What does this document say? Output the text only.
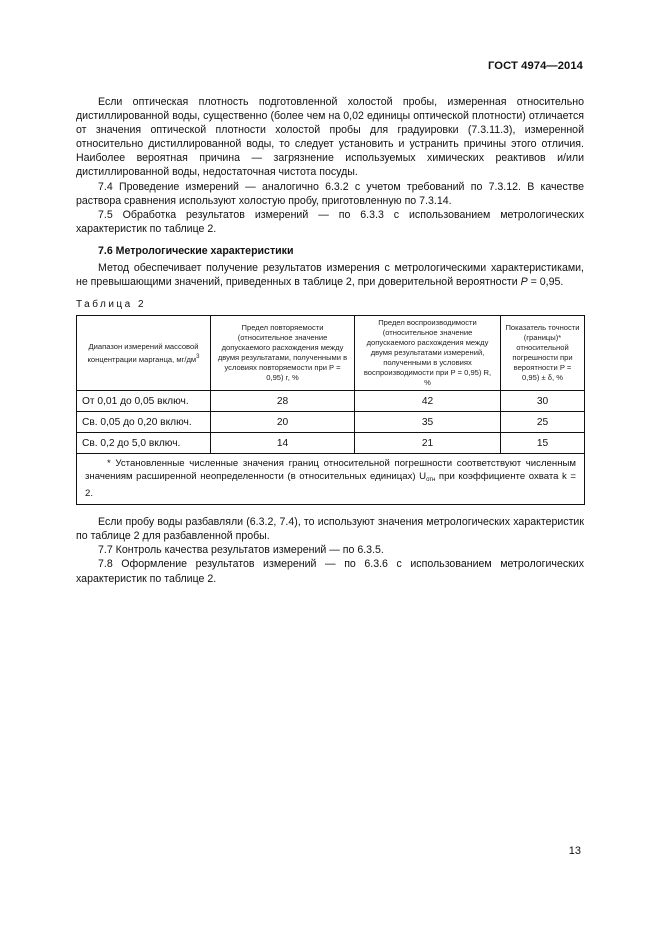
ГОСТ 4974—2014

Если оптическая плотность подготовленной холостой пробы, измеренная относительно дистиллированной воды, существенно (более чем на 0,02 единицы оптической плотности) отличается от значения оптической плотности холостой пробы для градуировки (7.3.11.3), измеренной относительно дистиллированной воды, то следует установить и устранить причины этого отличия. Наиболее вероятная причина — загрязнение используемых химических реактивов и/или дистиллированной воды, недостаточная чистота посуды.

7.4 Проведение измерений — аналогично 6.3.2 с учетом требований по 7.3.12. В качестве раствора сравнения используют холостую пробу, приготовленную по 7.3.14.

7.5 Обработка результатов измерений — по 6.3.3 с использованием метрологических характеристик по таблице 2.

7.6 Метрологические характеристики

Метод обеспечивает получение результатов измерения с метрологическими характеристиками, не превышающими значений, приведенных в таблице 2, при доверительной вероятности P = 0,95.

Таблица 2
Диапазон измерений массовой концентрации марганца, $мг/дм^3$	Предел повторяемости (относительное значение допускаемого расхождения между двумя результатами, полученными в условиях повторяемости при P = 0,95) r, %	Предел воспроизводимости (относительное значение допускаемого расхождения между двумя результатами измерений, полученными в условиях воспроизводимости при P = 0,95) R, %	Показатель точности (границы)* относительной погрешности при вероятности P = 0,95) ± δ, %

От 0,01 до 0,05 включ.	28	42	30
Св. 0,05 до 0,20 включ.	20	35	25
Св. 0,2 до 5,0 включ.	14	21	15
* Установленные численные значения границ относительной погрешности соответствуют численным значениям расширенной неопределенности (в относительных единицах) $U_{отн}$ при коэффициенте охвата k = 2.			

Если пробу воды разбавляли (6.3.2, 7.4), то используют значения метрологических характеристик по таблице 2 для разбавленной пробы.

7.7 Контроль качества результатов измерений — по 6.3.5.

7.8 Оформление результатов измерений — по 6.3.6 с использованием метрологических характеристик по таблице 2.

13
